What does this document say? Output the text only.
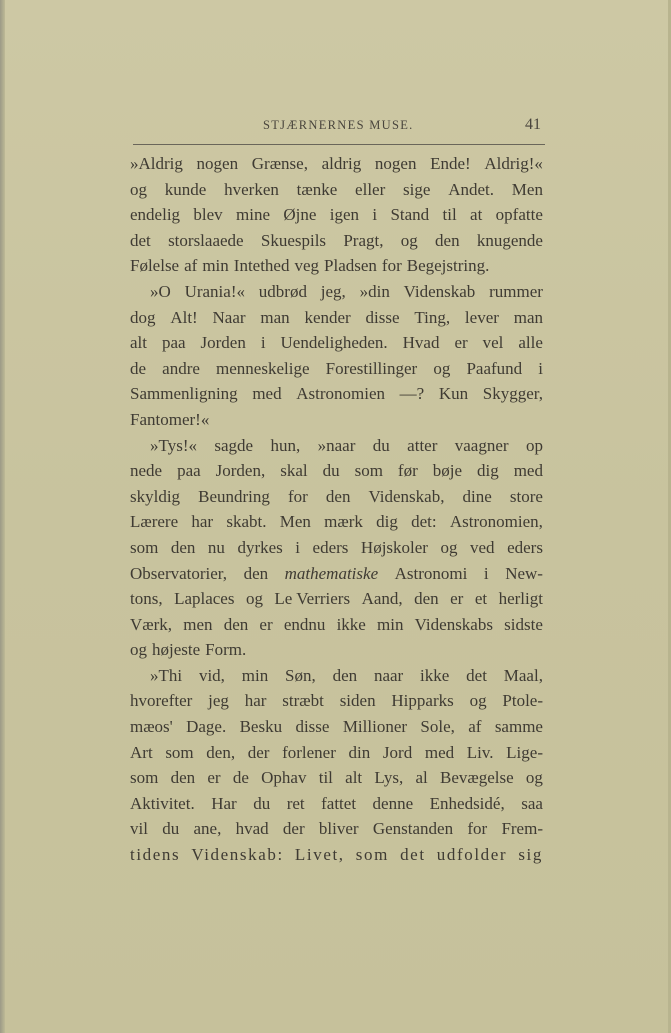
STJÆRNERNES MUSE.	41
»Aldrig nogen Grænse, aldrig nogen Ende! Aldrig!«
og kunde hverken tænke eller sige Andet. Men
endelig blev mine Øjne igen i Stand til at opfatte
det storslaaede Skuespils Pragt, og den knugende
Følelse af min Intethed veg Pladsen for Begejstring.
»O Urania!« udbrød jeg, »din Videnskab rummer
dog Alt! Naar man kender disse Ting, lever man
alt paa Jorden i Uendeligheden. Hvad er vel alle
de andre menneskelige Forestillinger og Paafund i
Sammenligning med Astronomien —? Kun Skygger,
Fantomer!«
»Tys!« sagde hun, »naar du atter vaagner op
nede paa Jorden, skal du som før bøje dig med
skyldig Beundring for den Videnskab, dine store
Lærere har skabt. Men mærk dig det: Astronomien,
som den nu dyrkes i eders Højskoler og ved eders
Observatorier, den mathematiske Astronomi i New-
tons, Laplaces og Le Verriers Aand, den er et herligt
Værk, men den er endnu ikke min Videnskabs sidste
og højeste Form.
»Thi vid, min Søn, den naar ikke det Maal,
hvorefter jeg har stræbt siden Hipparks og Ptole-
mæos' Dage. Besku disse Millioner Sole, af samme
Art som den, der forlener din Jord med Liv. Lige-
som den er de Ophav til alt Lys, al Bevægelse og
Aktivitet. Har du ret fattet denne Enhedsidé, saa
vil du ane, hvad der bliver Genstanden for Frem-
tidens Videnskab: Livet, som det udfolder sig
